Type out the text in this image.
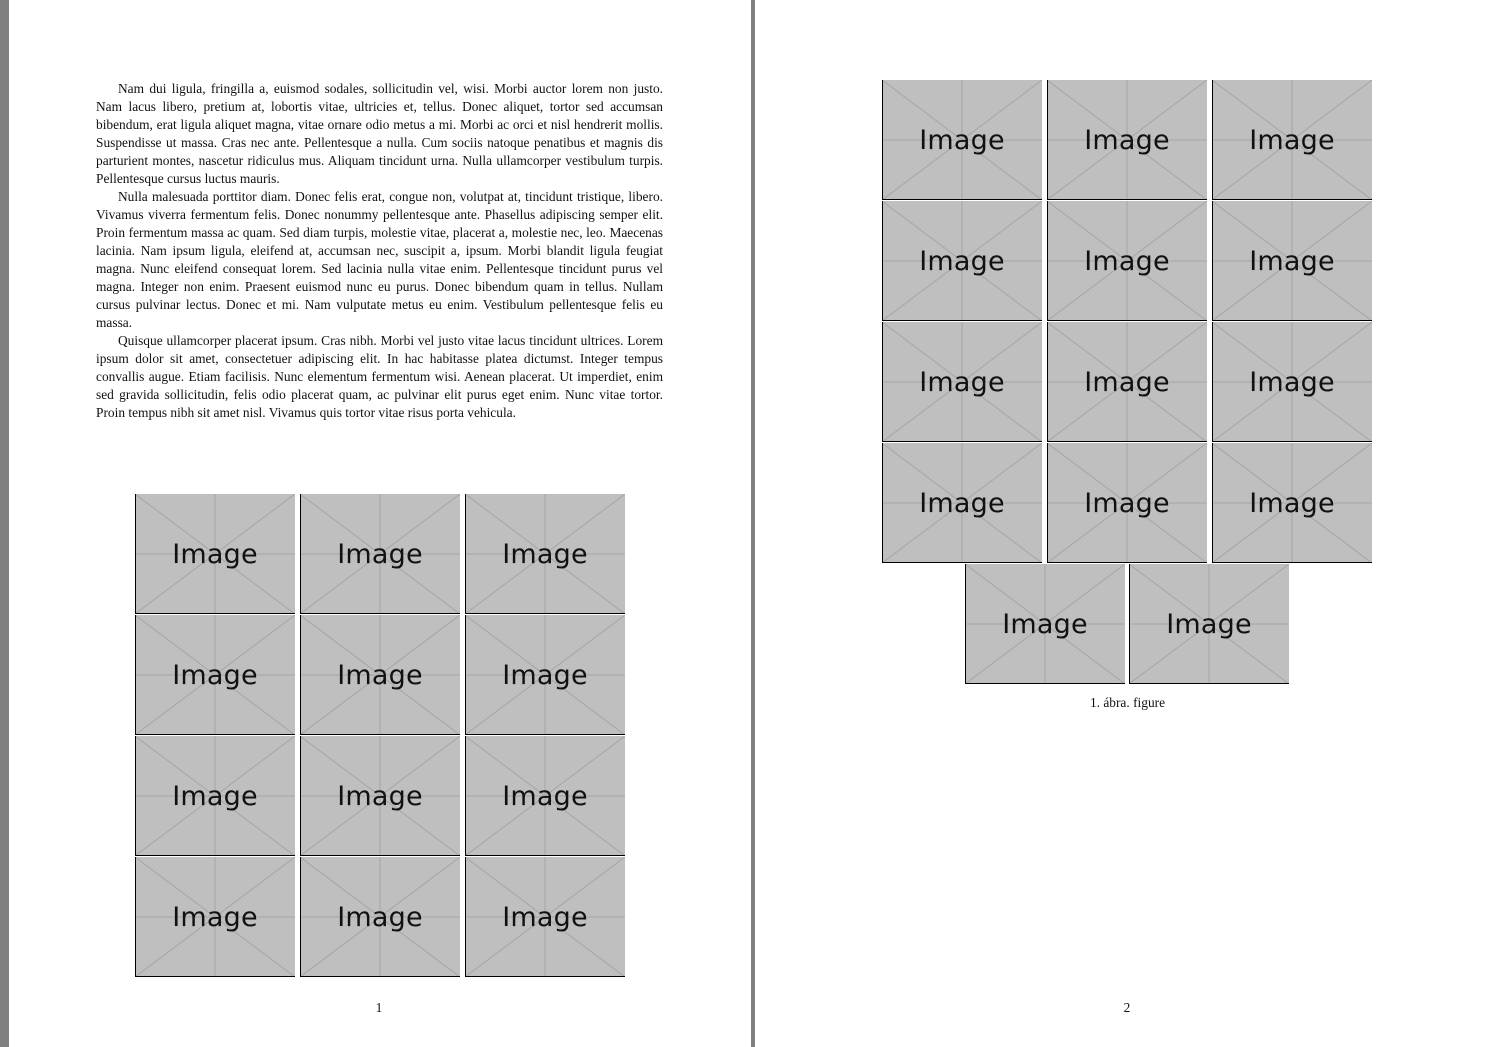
Nam dui ligula, fringilla a, euismod sodales, sollicitudin vel, wisi. Morbi auctor lorem non justo. Nam lacus libero, pretium at, lobortis vitae, ultricies et, tellus. Donec aliquet, tortor sed accumsan bibendum, erat ligula aliquet magna, vitae ornare odio metus a mi. Morbi ac orci et nisl hendrerit mollis. Suspendisse ut massa. Cras nec ante. Pellentesque a nulla. Cum sociis natoque penatibus et magnis dis parturient montes, nascetur ridiculus mus. Aliquam tincidunt urna. Nulla ullamcorper vestibulum turpis. Pellentesque cursus luctus mauris.

Nulla malesuada porttitor diam. Donec felis erat, congue non, volutpat at, tincidunt tristique, libero. Vivamus viverra fermentum felis. Donec nonummy pellentesque ante. Phasellus adipiscing semper elit. Proin fermentum massa ac quam. Sed diam turpis, molestie vitae, placerat a, molestie nec, leo. Maecenas lacinia. Nam ipsum ligula, eleifend at, accumsan nec, suscipit a, ipsum. Morbi blandit ligula feugiat magna. Nunc eleifend consequat lorem. Sed lacinia nulla vitae enim. Pellentesque tincidunt purus vel magna. Integer non enim. Praesent euismod nunc eu purus. Donec bibendum quam in tellus. Nullam cursus pulvinar lectus. Donec et mi. Nam vulputate metus eu enim. Vestibulum pellentesque felis eu massa.

Quisque ullamcorper placerat ipsum. Cras nibh. Morbi vel justo vitae lacus tincidunt ultrices. Lorem ipsum dolor sit amet, consectetuer adipiscing elit. In hac habitasse platea dictumst. Integer tempus convallis augue. Etiam facilisis. Nunc elementum fermentum wisi. Aenean placerat. Ut imperdiet, enim sed gravida sollicitudin, felis odio placerat quam, ac pulvinar elit purus eget enim. Nunc vitae tortor. Proin tempus nibh sit amet nisl. Vivamus quis tortor vitae risus porta vehicula.

Image	Image	Image
Image	Image	Image
Image	Image	Image
Image	Image	Image
1
Image	Image	Image
Image	Image	Image
Image	Image	Image
Image	Image	Image
Image	Image
1. ábra. figure
2
